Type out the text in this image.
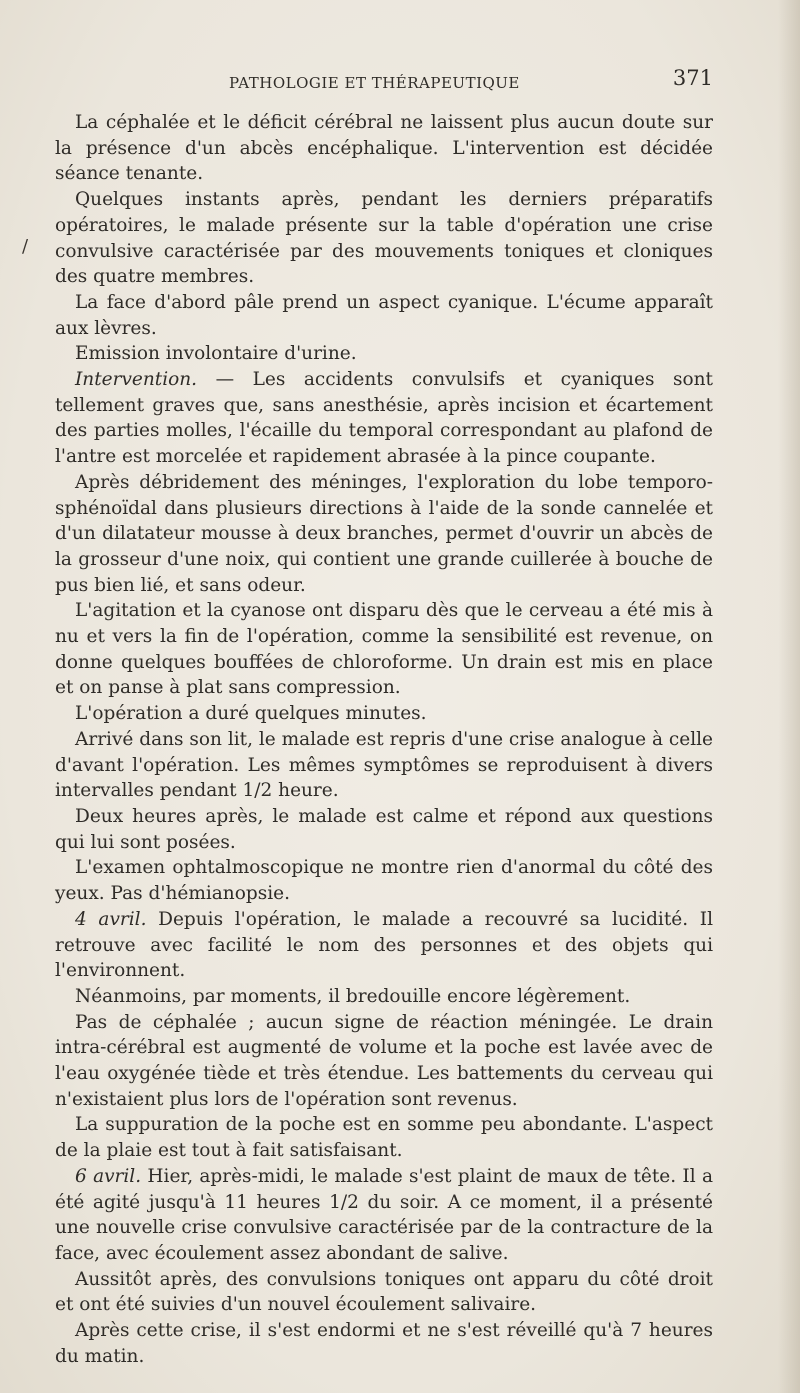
PATHOLOGIE ET THÉRAPEUTIQUE	371
/

La céphalée et le déficit cérébral ne laissent plus aucun doute sur la présence d'un abcès encéphalique. L'intervention est décidée séance tenante.

Quelques instants après, pendant les derniers préparatifs opératoires, le malade présente sur la table d'opération une crise convulsive caractérisée par des mouvements toniques et cloniques des quatre membres.

La face d'abord pâle prend un aspect cyanique. L'écume apparaît aux lèvres.

Emission involontaire d'urine.

Intervention. — Les accidents convulsifs et cyaniques sont tellement graves que, sans anesthésie, après incision et écartement des parties molles, l'écaille du temporal correspondant au plafond de l'antre est morcelée et rapidement abrasée à la pince coupante.

Après débridement des méninges, l'exploration du lobe temporo-sphénoïdal dans plusieurs directions à l'aide de la sonde cannelée et d'un dilatateur mousse à deux branches, permet d'ouvrir un abcès de la grosseur d'une noix, qui contient une grande cuillerée à bouche de pus bien lié, et sans odeur.

L'agitation et la cyanose ont disparu dès que le cerveau a été mis à nu et vers la fin de l'opération, comme la sensibilité est revenue, on donne quelques bouffées de chloroforme. Un drain est mis en place et on panse à plat sans compression.

L'opération a duré quelques minutes.

Arrivé dans son lit, le malade est repris d'une crise analogue à celle d'avant l'opération. Les mêmes symptômes se reproduisent à divers intervalles pendant 1/2 heure.

Deux heures après, le malade est calme et répond aux questions qui lui sont posées.

L'examen ophtalmoscopique ne montre rien d'anormal du côté des yeux. Pas d'hémianopsie.

4 avril. Depuis l'opération, le malade a recouvré sa lucidité. Il retrouve avec facilité le nom des personnes et des objets qui l'environnent.

Néanmoins, par moments, il bredouille encore légèrement.

Pas de céphalée ; aucun signe de réaction méningée. Le drain intra-cérébral est augmenté de volume et la poche est lavée avec de l'eau oxygénée tiède et très étendue. Les battements du cerveau qui n'existaient plus lors de l'opération sont revenus.

La suppuration de la poche est en somme peu abondante. L'aspect de la plaie est tout à fait satisfaisant.

6 avril. Hier, après-midi, le malade s'est plaint de maux de tête. Il a été agité jusqu'à 11 heures 1/2 du soir. A ce moment, il a présenté une nouvelle crise convulsive caractérisée par de la contracture de la face, avec écoulement assez abondant de salive.

Aussitôt après, des convulsions toniques ont apparu du côté droit et ont été suivies d'un nouvel écoulement salivaire.

Après cette crise, il s'est endormi et ne s'est réveillé qu'à 7 heures du matin.
